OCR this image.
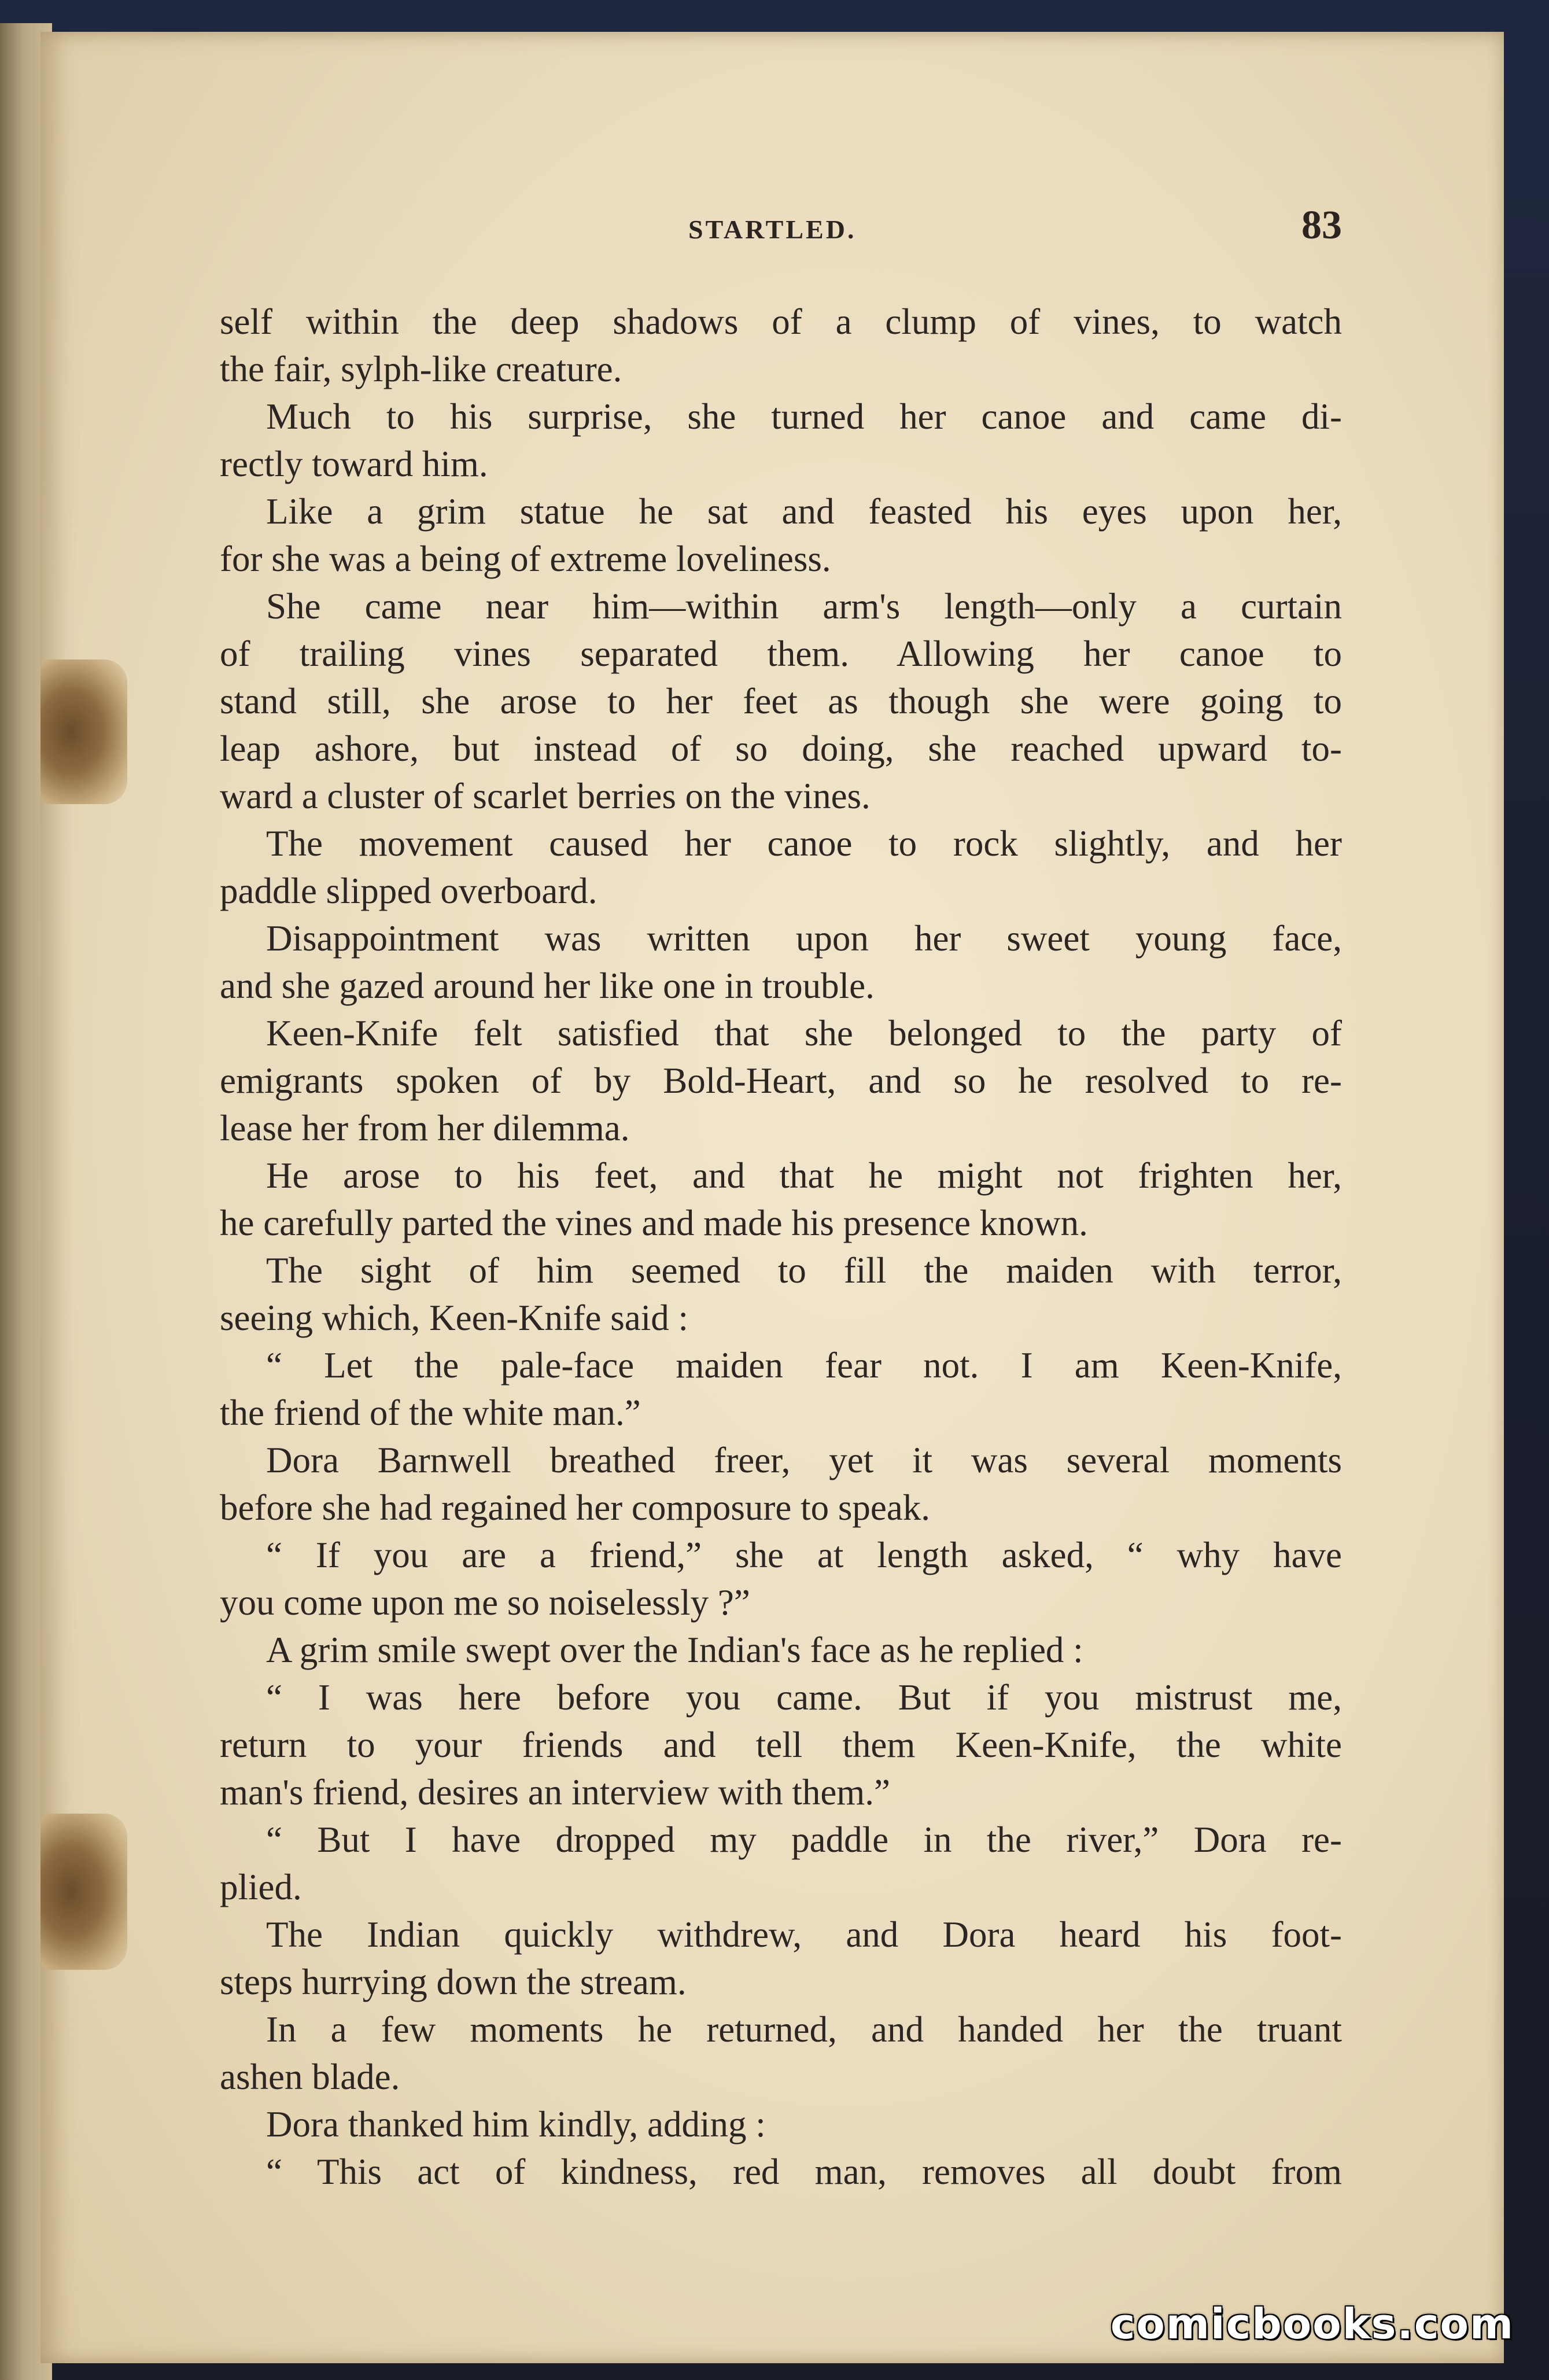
STARTLED.	83
self within the deep shadows of a clump of vines, to watch
the fair, sylph-like creature.
Much to his surprise, she turned her canoe and came di-
rectly toward him.
Like a grim statue he sat and feasted his eyes upon her,
for she was a being of extreme loveliness.
She came near him—within arm's length—only a curtain
of trailing vines separated them. Allowing her canoe to
stand still, she arose to her feet as though she were going to
leap ashore, but instead of so doing, she reached upward to-
ward a cluster of scarlet berries on the vines.
The movement caused her canoe to rock slightly, and her
paddle slipped overboard.
Disappointment was written upon her sweet young face,
and she gazed around her like one in trouble.
Keen-Knife felt satisfied that she belonged to the party of
emigrants spoken of by Bold-Heart, and so he resolved to re-
lease her from her dilemma.
He arose to his feet, and that he might not frighten her,
he carefully parted the vines and made his presence known.
The sight of him seemed to fill the maiden with terror,
seeing which, Keen-Knife said :
“ Let the pale-face maiden fear not. I am Keen-Knife,
the friend of the white man.”
Dora Barnwell breathed freer, yet it was several moments
before she had regained her composure to speak.
“ If you are a friend,” she at length asked, “ why have
you come upon me so noiselessly ?”
A grim smile swept over the Indian's face as he replied :
“ I was here before you came. But if you mistrust me,
return to your friends and tell them Keen-Knife, the white
man's friend, desires an interview with them.”
“ But I have dropped my paddle in the river,” Dora re-
plied.
The Indian quickly withdrew, and Dora heard his foot-
steps hurrying down the stream.
In a few moments he returned, and handed her the truant
ashen blade.
Dora thanked him kindly, adding :
“ This act of kindness, red man, removes all doubt from
comicbooks.com
